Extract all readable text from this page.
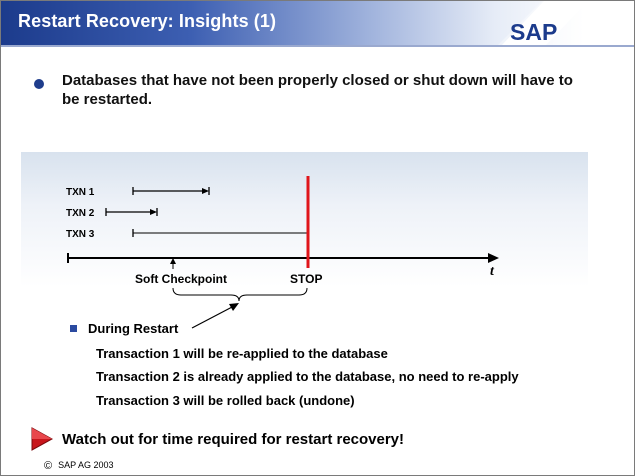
Restart Recovery: Insights (1)	SAP
Databases that have not been properly closed or shut down will have to be restarted.
TXN 1
TXN 2
TXN 3
t
STOP
Soft Checkpoint
During Restart
Transaction 1 will be re-applied to the database
Transaction 2 is already applied to the database, no need to re-apply
Transaction 3 will be rolled back (undone)
Watch out for time required for restart recovery!
© SAP AG 2003
